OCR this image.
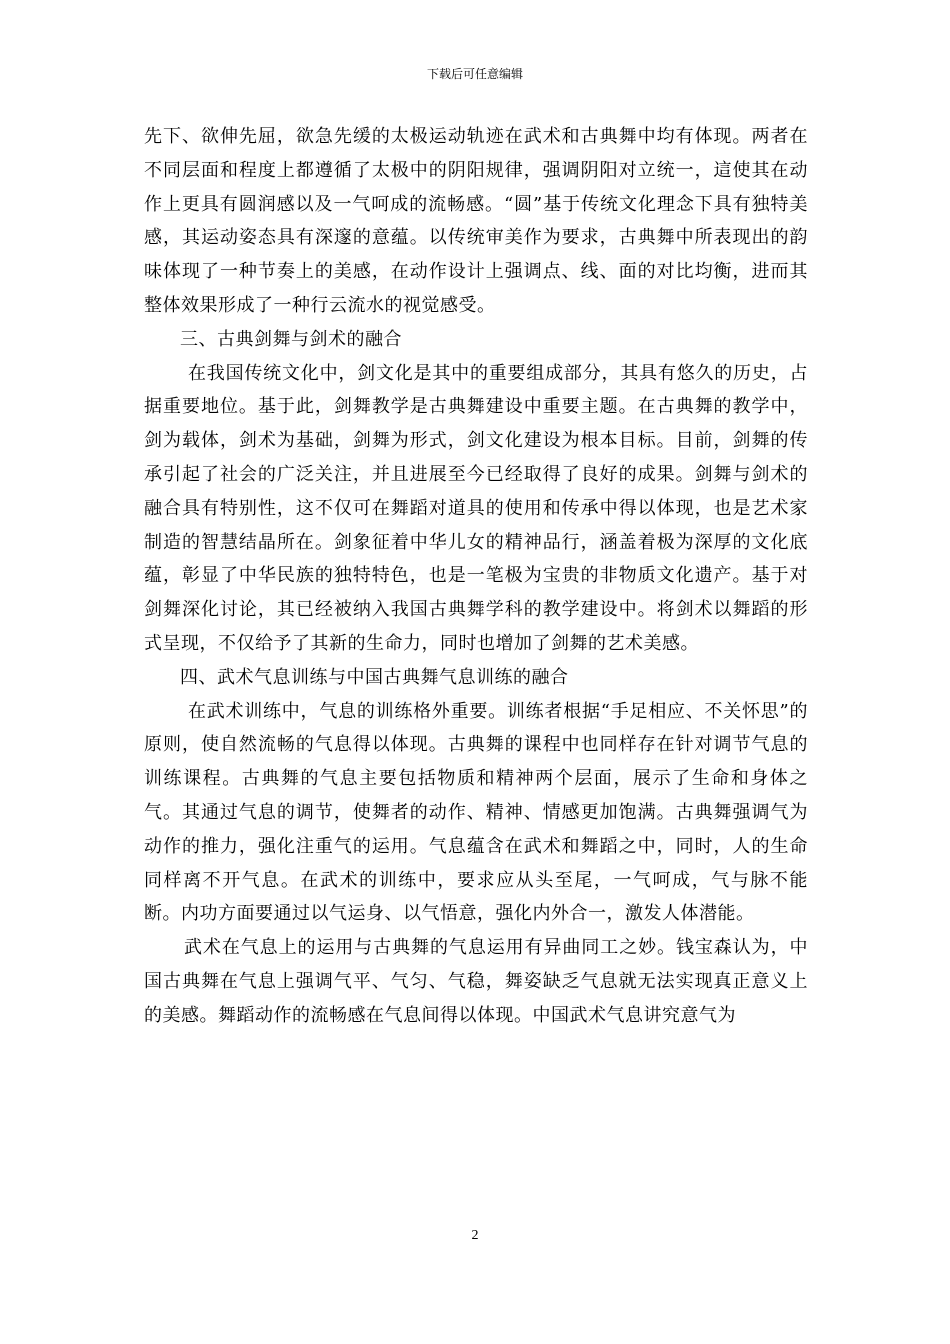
下载后可任意编辑

先下、欲伸先屈，欲急先缓的太极运动轨迹在武术和古典舞中均有体现。两者在不同层面和程度上都遵循了太极中的阴阳规律，强调阴阳对立统一，這使其在动作上更具有圆润感以及一气呵成的流畅感。“圆”基于传统文化理念下具有独特美感，其运动姿态具有深邃的意蕴。以传统审美作为要求，古典舞中所表现出的韵味体现了一种节奏上的美感，在动作设计上强调点、线、面的对比均衡，进而其整体效果形成了一种行云流水的视觉感受。

三、古典剑舞与剑术的融合

在我国传统文化中，剑文化是其中的重要组成部分，其具有悠久的历史，占据重要地位。基于此，剑舞教学是古典舞建设中重要主题。在古典舞的教学中，剑为载体，剑术为基础，剑舞为形式，剑文化建设为根本目标。目前，剑舞的传承引起了社会的广泛关注，并且进展至今已经取得了良好的成果。剑舞与剑术的融合具有特别性，这不仅可在舞蹈对道具的使用和传承中得以体现，也是艺术家制造的智慧结晶所在。剑象征着中华儿女的精神品行，涵盖着极为深厚的文化底蕴，彰显了中华民族的独特特色，也是一笔极为宝贵的非物质文化遗产。基于对剑舞深化讨论，其已经被纳入我国古典舞学科的教学建设中。将剑术以舞蹈的形式呈现，不仅给予了其新的生命力，同时也增加了剑舞的艺术美感。

四、武术气息训练与中国古典舞气息训练的融合

在武术训练中，气息的训练格外重要。训练者根据“手足相应、不关怀思”的原则，使自然流畅的气息得以体现。古典舞的课程中也同样存在针对调节气息的训练课程。古典舞的气息主要包括物质和精神两个层面，展示了生命和身体之气。其通过气息的调节，使舞者的动作、精神、情感更加饱满。古典舞强调气为动作的推力，强化注重气的运用。气息蕴含在武术和舞蹈之中，同时，人的生命同样离不开气息。在武术的训练中，要求应从头至尾，一气呵成，气与脉不能断。内功方面要通过以气运身、以气悟意，强化内外合一，激发人体潜能。

武术在气息上的运用与古典舞的气息运用有异曲同工之妙。钱宝森认为，中国古典舞在气息上强调气平、气匀、气稳，舞姿缺乏气息就无法实现真正意义上的美感。舞蹈动作的流畅感在气息间得以体现。中国武术气息讲究意气为

2
